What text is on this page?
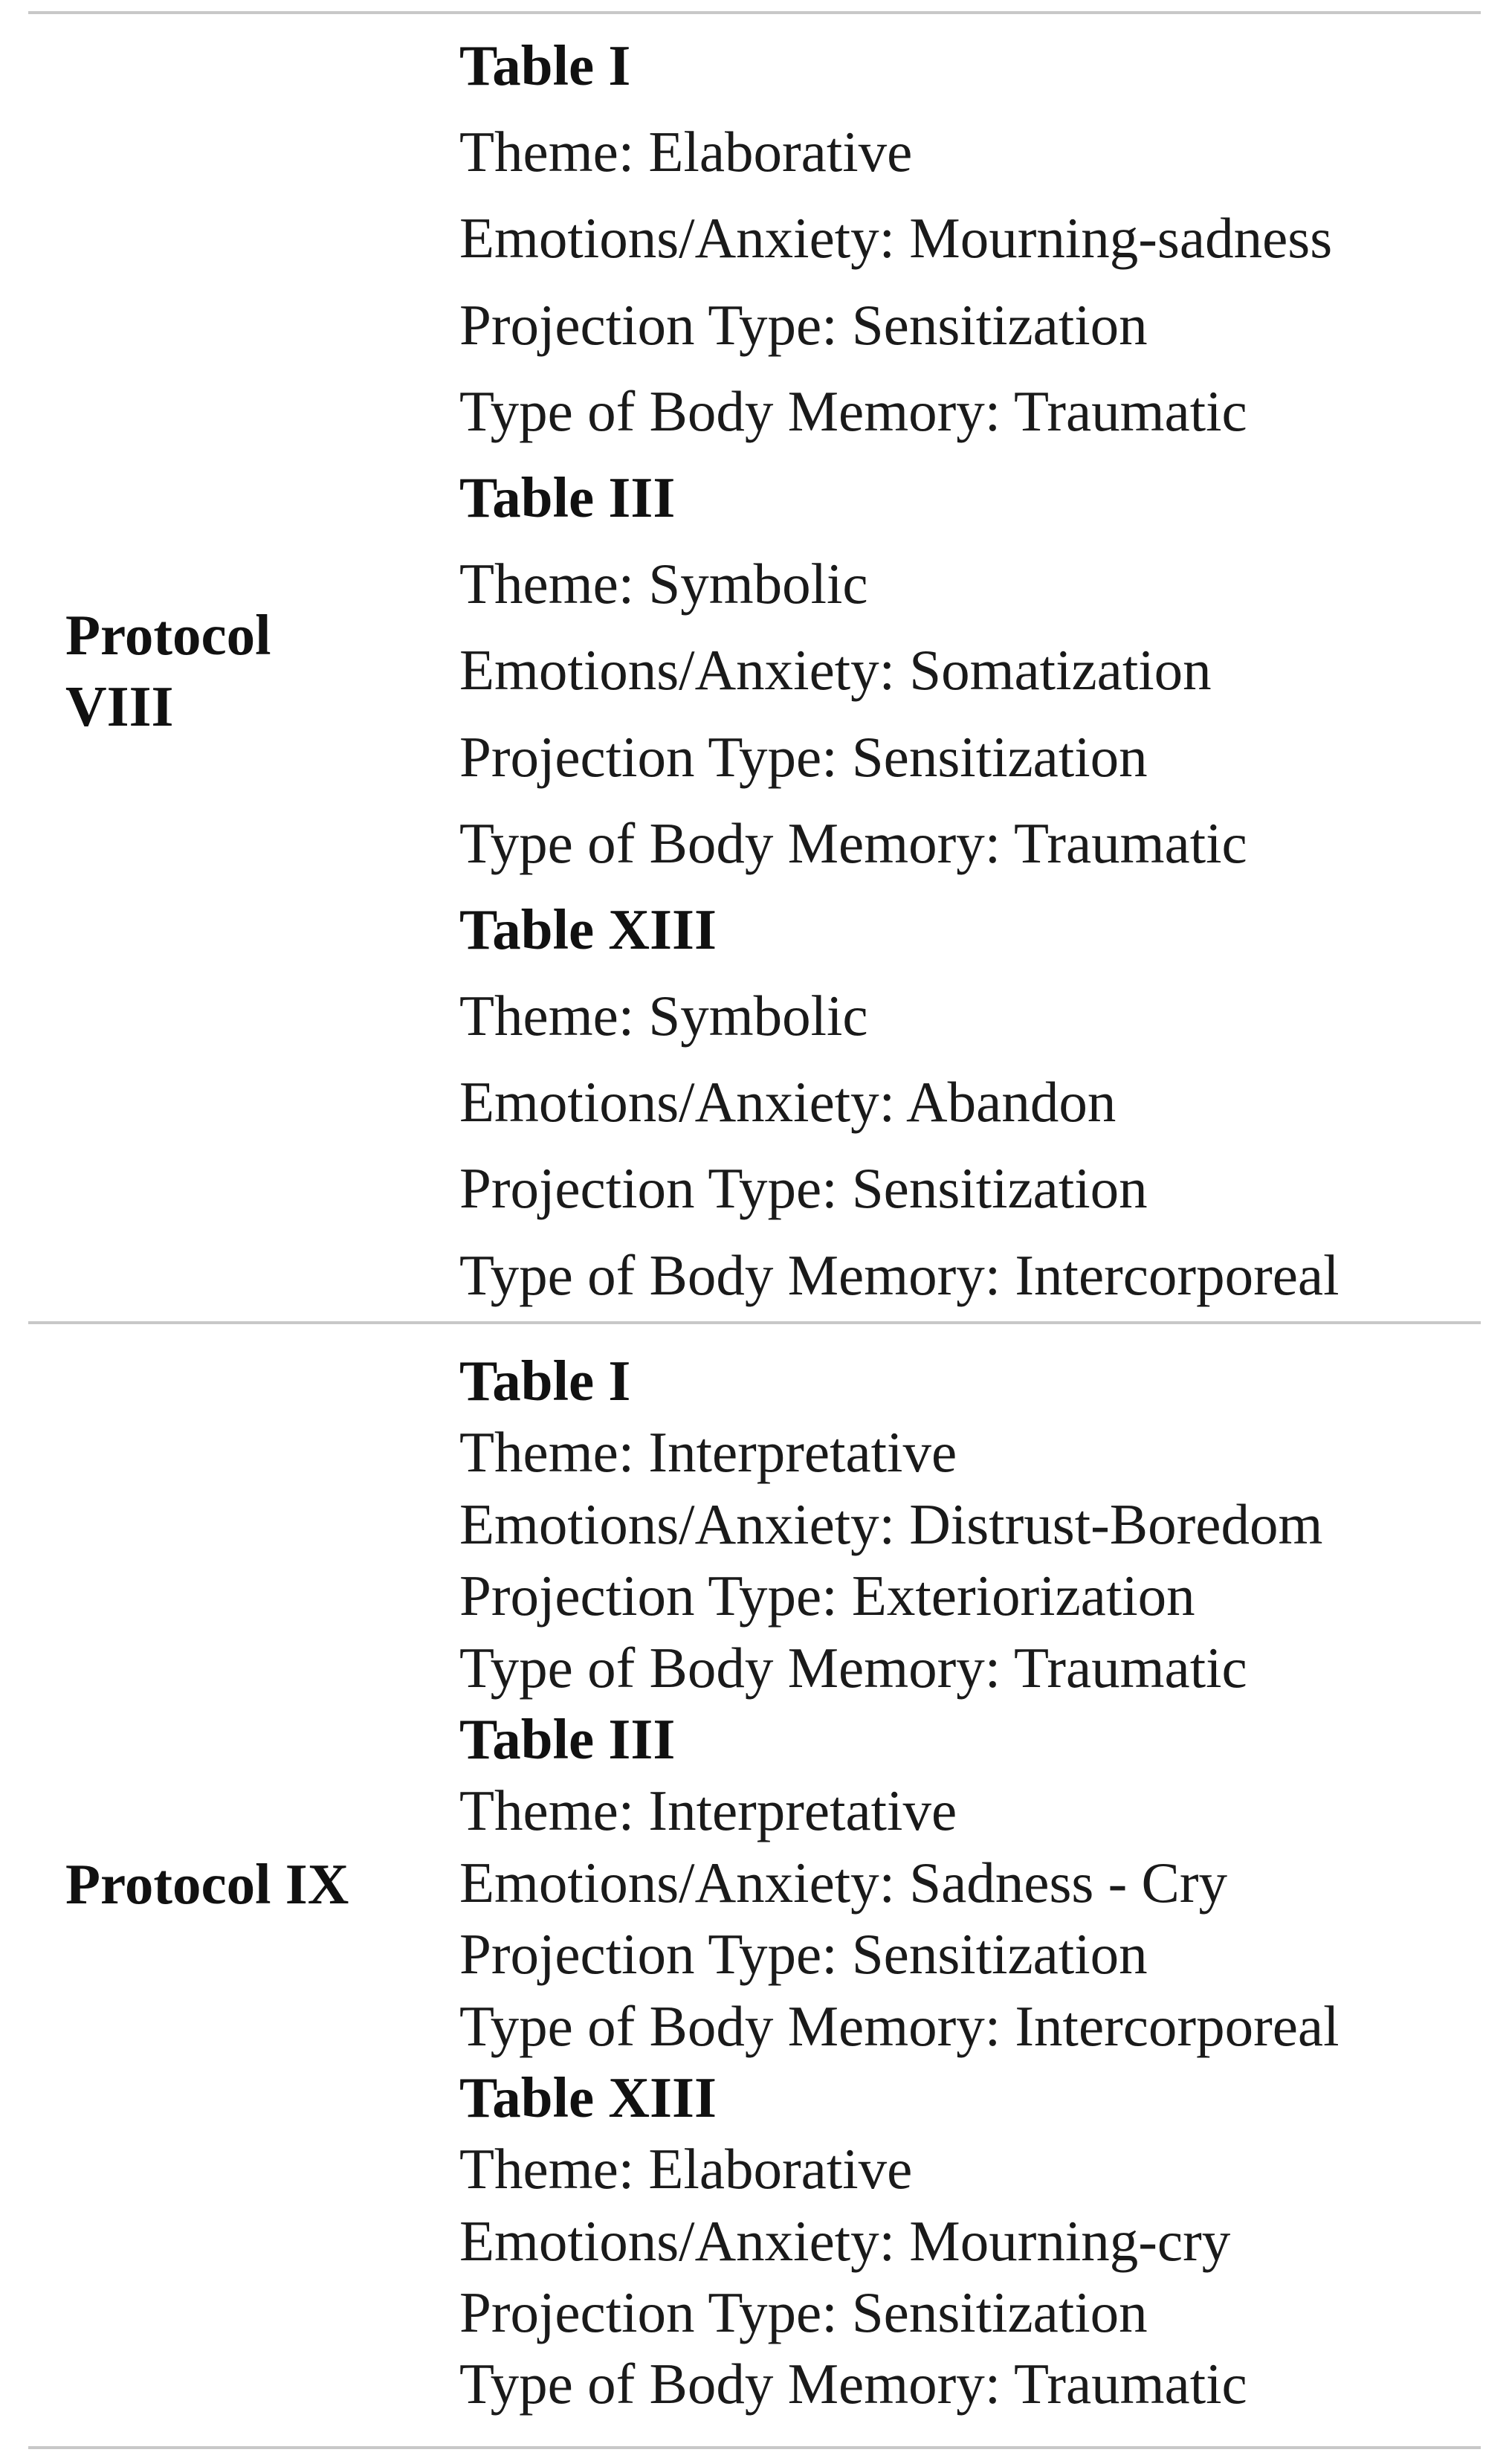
Protocol VIII
Table I
Theme: Elaborative
Emotions/Anxiety: Mourning-sadness
Projection Type: Sensitization
Type of Body Memory: Traumatic
Table III
Theme: Symbolic
Emotions/Anxiety: Somatization
Projection Type: Sensitization
Type of Body Memory: Traumatic
Table XIII
Theme: Symbolic
Emotions/Anxiety: Abandon
Projection Type: Sensitization
Type of Body Memory: Intercorporeal
Protocol IX
Table I
Theme: Interpretative
Emotions/Anxiety: Distrust-Boredom
Projection Type: Exteriorization
Type of Body Memory: Traumatic
Table III
Theme: Interpretative
Emotions/Anxiety: Sadness - Cry
Projection Type: Sensitization
Type of Body Memory: Intercorporeal
Table XIII
Theme: Elaborative
Emotions/Anxiety: Mourning-cry
Projection Type: Sensitization
Type of Body Memory: Traumatic
